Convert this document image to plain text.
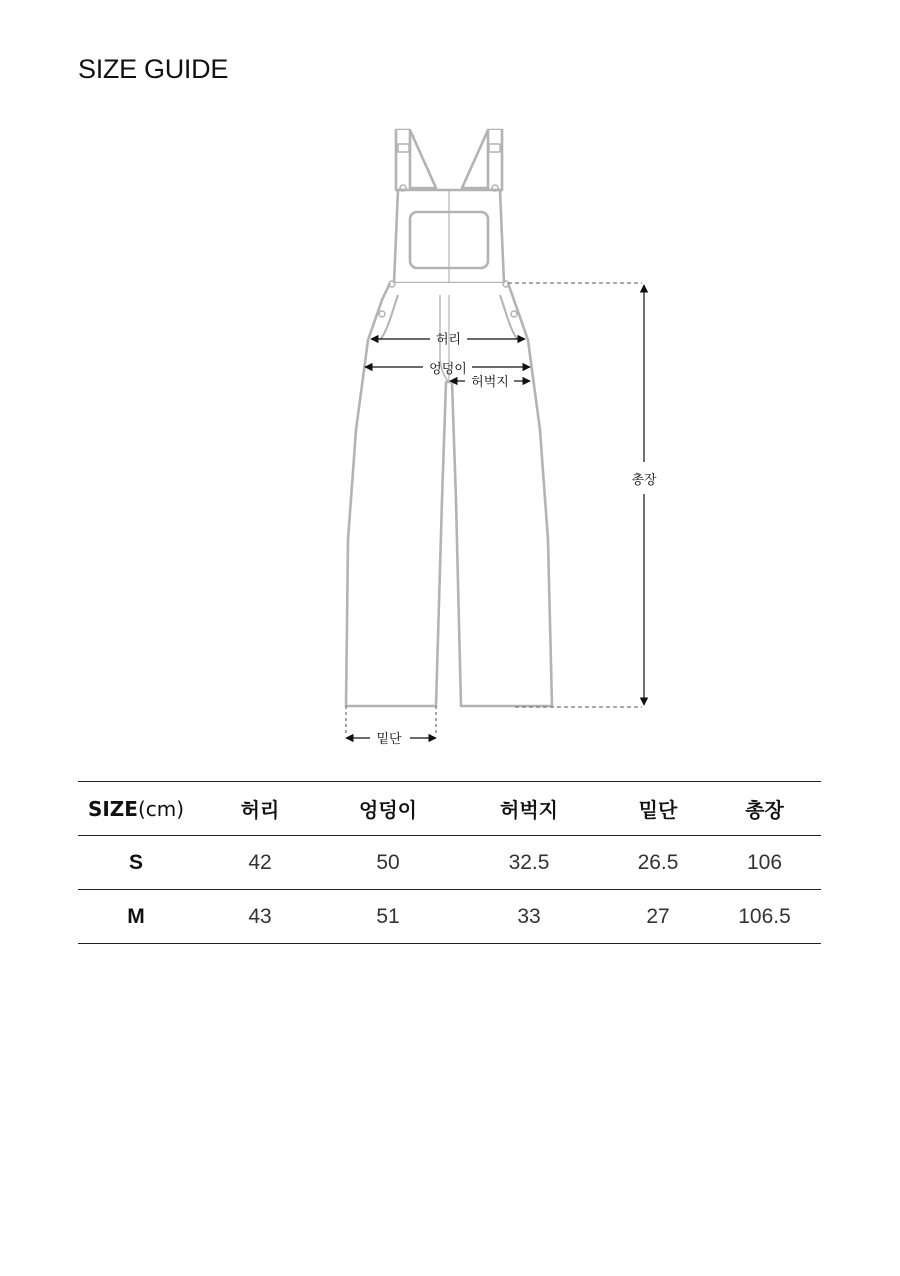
SIZE GUIDE
허리
엉덩이
허벅지
총장
밑단
SIZE(cm)	허리	엉덩이	허벅지	밑단	총장
S	42	50	32.5	26.5	106
M	43	51	33	27	106.5
